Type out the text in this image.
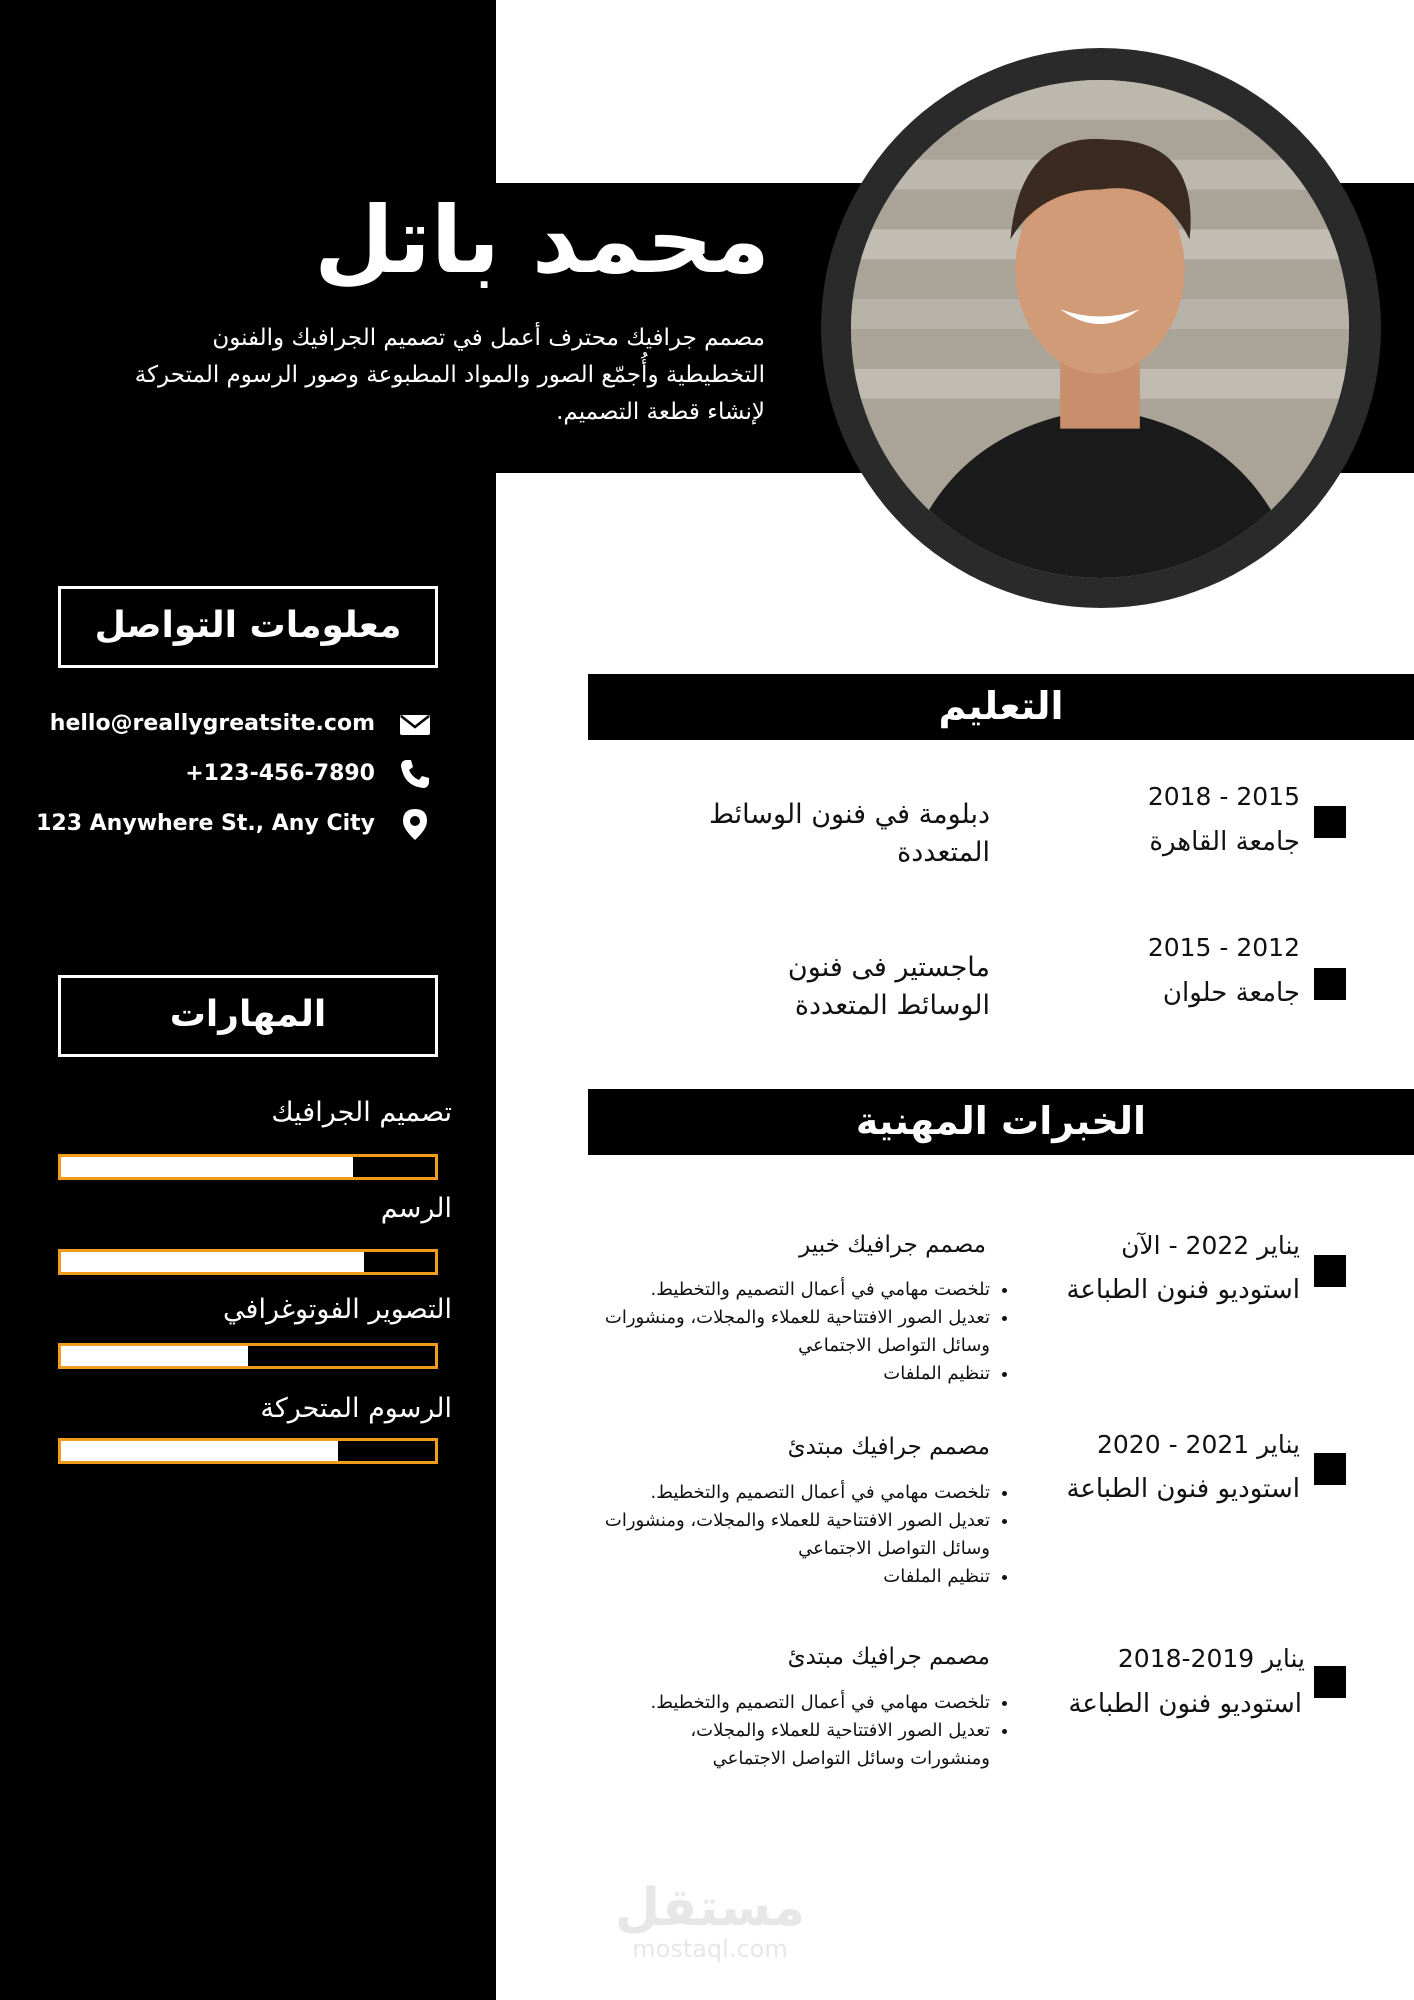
محمد باتل
مصمم جرافيك محترف أعمل في تصميم الجرافيك والفنون التخطيطية وأُجمّع الصور والمواد المطبوعة وصور الرسوم المتحركة لإنشاء قطعة التصميم.
معلومات التواصل
hello@reallygreatsite.com
+123-456-7890
123 Anywhere St., Any City
المهارات
تصميم الجرافيك
الرسم
التصوير الفوتوغرافي
الرسوم المتحركة
التعليم
2015 - 2018
جامعة القاهرة
دبلومة في فنون الوسائط المتعددة
2012 - 2015
جامعة حلوان
ماجستير فى فنون الوسائط المتعددة
الخبرات المهنية
يناير 2022 - الآن
استوديو فنون الطباعة
مصمم جرافيك خبير
• تلخصت مهامي في أعمال التصميم والتخطيط.
• تعديل الصور الافتتاحية للعملاء والمجلات، ومنشورات وسائل التواصل الاجتماعي
• تنظيم الملفات
يناير 2021 - 2020
استوديو فنون الطباعة
مصمم جرافيك مبتدئ
• تلخصت مهامي في أعمال التصميم والتخطيط.
• تعديل الصور الافتتاحية للعملاء والمجلات، ومنشورات وسائل التواصل الاجتماعي
• تنظيم الملفات
يناير 2019-2018
استوديو فنون الطباعة
مصمم جرافيك مبتدئ
• تلخصت مهامي في أعمال التصميم والتخطيط.
• تعديل الصور الافتتاحية للعملاء والمجلات، ومنشورات وسائل التواصل الاجتماعي
مستقل
mostaql.com
